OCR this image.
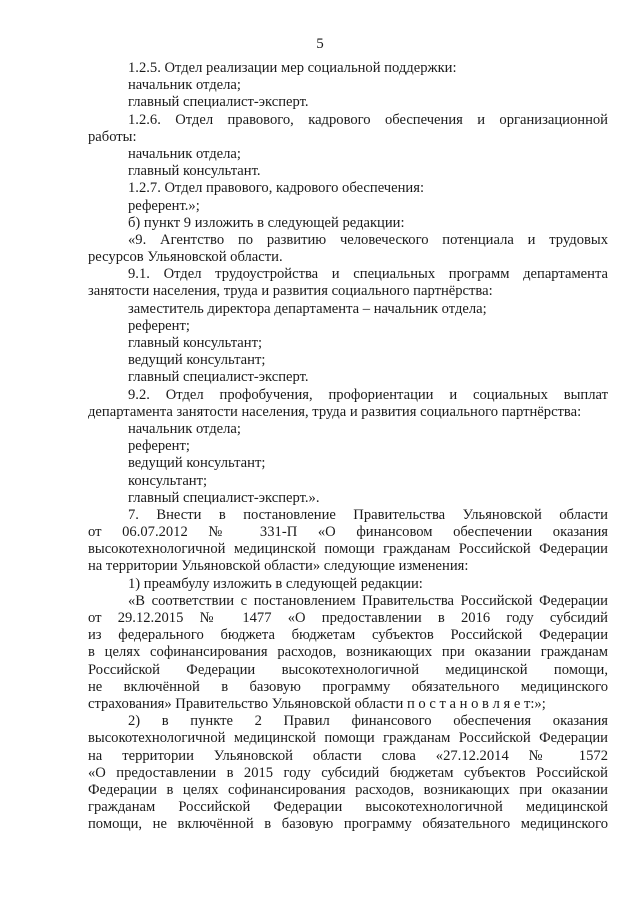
5
1.2.5. Отдел реализации мер социальной поддержки:
начальник отдела;
главный специалист-эксперт.
1.2.6. Отдел правового, кадрового обеспечения и организационной
работы:
начальник отдела;
главный консультант.
1.2.7. Отдел правового, кадрового обеспечения:
референт.»;
б) пункт 9 изложить в следующей редакции:
«9. Агентство по развитию человеческого потенциала и трудовых
ресурсов Ульяновской области.
9.1. Отдел трудоустройства и специальных программ департамента
занятости населения, труда и развития социального партнёрства:
заместитель директора департамента – начальник отдела;
референт;
главный консультант;
ведущий консультант;
главный специалист-эксперт.
9.2. Отдел профобучения, профориентации и социальных выплат
департамента занятости населения, труда и развития социального партнёрства:
начальник отдела;
референт;
ведущий консультант;
консультант;
главный специалист-эксперт.».
7. Внести в постановление Правительства Ульяновской области
от 06.07.2012 № 331-П «О финансовом обеспечении оказания
высокотехнологичной медицинской помощи гражданам Российской Федерации
на территории Ульяновской области» следующие изменения:
1) преамбулу изложить в следующей редакции:
«В соответствии с постановлением Правительства Российской Федерации
от 29.12.2015 № 1477 «О предоставлении в 2016 году субсидий
из федерального бюджета бюджетам субъектов Российской Федерации
в целях софинансирования расходов, возникающих при оказании гражданам
Российской Федерации высокотехнологичной медицинской помощи,
не включённой в базовую программу обязательного медицинского
страхования» Правительство Ульяновской области п о с т а н о в л я е т:»;
2) в пункте 2 Правил финансового обеспечения оказания
высокотехнологичной медицинской помощи гражданам Российской Федерации
на территории Ульяновской области слова «27.12.2014 № 1572
«О предоставлении в 2015 году субсидий бюджетам субъектов Российской
Федерации в целях софинансирования расходов, возникающих при оказании
гражданам Российской Федерации высокотехнологичной медицинской
помощи, не включённой в базовую программу обязательного медицинского
